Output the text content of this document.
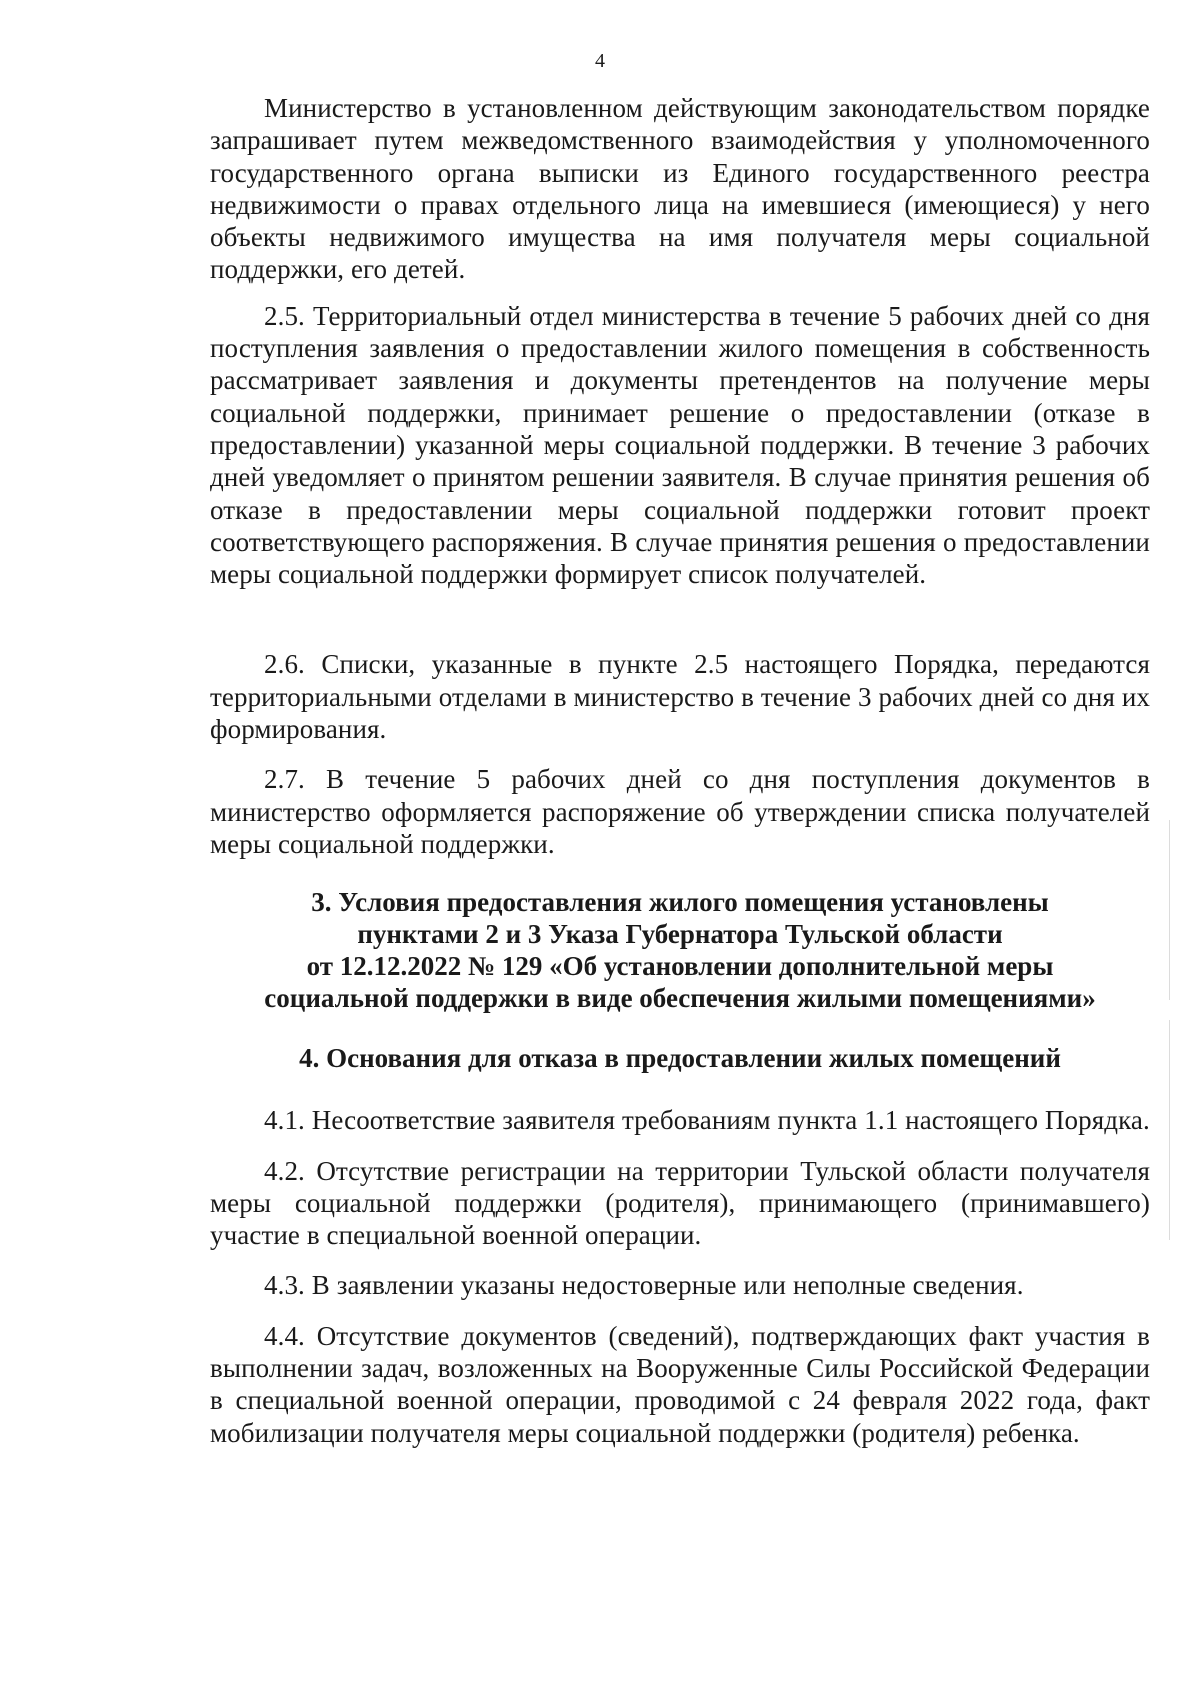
4

Министерство в установленном действующим законодательством порядке запрашивает путем межведомственного взаимодействия у уполномоченного государственного органа выписки из Единого государственного реестра недвижимости о правах отдельного лица на имевшиеся (имеющиеся) у него объекты недвижимого имущества на имя получателя меры социальной поддержки, его детей.

2.5. Территориальный отдел министерства в течение 5 рабочих дней со дня поступления заявления о предоставлении жилого помещения в собственность рассматривает заявления и документы претендентов на получение меры социальной поддержки, принимает решение о предоставлении (отказе в предоставлении) указанной меры социальной поддержки. В течение 3 рабочих дней уведомляет о принятом решении заявителя. В случае принятия решения об отказе в предоставлении меры социальной поддержки готовит проект соответствующего распоряжения. В случае принятия решения о предоставлении меры социальной поддержки формирует список получателей.

2.6. Списки, указанные в пункте 2.5 настоящего Порядка, передаются территориальными отделами в министерство в течение 3 рабочих дней со дня их формирования.

2.7. В течение 5 рабочих дней со дня поступления документов в министерство оформляется распоряжение об утверждении списка получателей меры социальной поддержки.

3. Условия предоставления жилого помещения установлены
пунктами 2 и 3 Указа Губернатора Тульской области
от 12.12.2022 № 129 «Об установлении дополнительной меры
социальной поддержки в виде обеспечения жилыми помещениями»
4. Основания для отказа в предоставлении жилых помещений

4.1. Несоответствие заявителя требованиям пункта 1.1 настоящего Порядка.

4.2. Отсутствие регистрации на территории Тульской области получателя меры социальной поддержки (родителя), принимающего (принимавшего) участие в специальной военной операции.

4.3. В заявлении указаны недостоверные или неполные сведения.

4.4. Отсутствие документов (сведений), подтверждающих факт участия в выполнении задач, возложенных на Вооруженные Силы Российской Федерации в специальной военной операции, проводимой с 24 февраля 2022 года, факт мобилизации получателя меры социальной поддержки (родителя) ребенка.
